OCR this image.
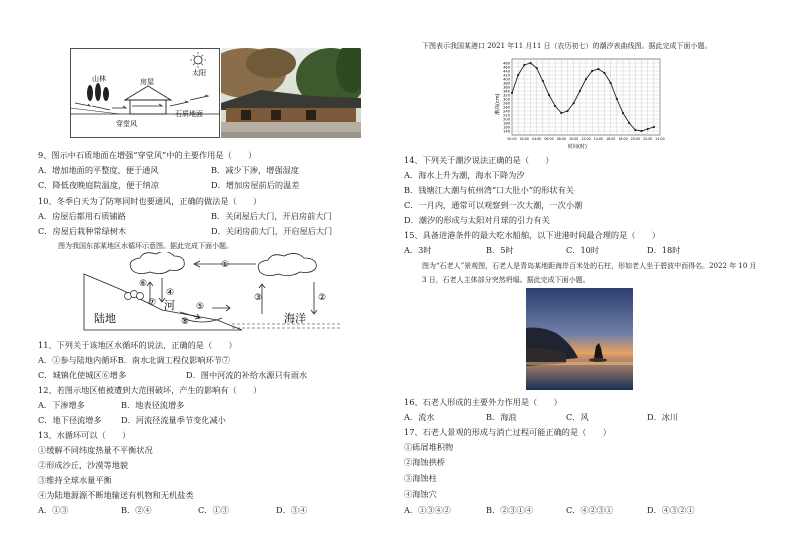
山林	房屋
太阳
石质地面
穿堂风
9、图示中石质地面在增强“穿堂风”中的主要作用是（　　）
A．增加地面的平整度，便于通风	B．减少下渗，增强湿度
C．降低夜晚庭院温度，便于纳凉	D．增加房屋前后的温差
10、冬季白天为了防寒同时也要通风，正确的做法是（　　）
A．房屋后都用石质铺路	B．关闭屋后大门，开启房前大门
C．房屋后栽种常绿树木	D．关闭房前大门，开启屋后大门
图为我国东部某地区水循环示意图。据此完成下面小题。
①
⑥
④
⑦	⑤
⑧
③	②
河
陆地	海洋
11、下列关于该地区水循环的说法，正确的是（　　）
A．①参与陆地内循环B．南水北调工程仅影响环节⑦
C．城镇化使城区⑥增多	D．图中河流的补给水源只有雨水
12、若图示地区植被遭到大范围破坏，产生的影响有（　　）
A．下渗增多	B．地表径流增多
C．地下径流增多 D．河流径流量季节变化减小
13、水循环可以（　　）
①缓解不同纬度热量不平衡状况
②形成沙丘，沙漠等地貌
③维持全球水量平衡
④为陆地源源不断地输送有机物和无机盐类
A．①③	B．②④	C．①③	D．③④
下图表示我国某港口 2021 年11 月11 日（农历初七）的潮汐表曲线图。据此完成下面小题。
140
160
180
200
220
240
260
280
300
320
340
360
380
400
420
440
460
480
00:00 02:00 04:00 06:00 08:00 10:00 12:00 14:00 16:00 18:00 20:00 22:00 24:00
潮高(cm)
时间(时)
14、下列关于潮汐说法正确的是（　　）
A．海水上升为潮，海水下降为汐
B．钱塘江大潮与杭州湾“口大肚小”的形状有关
C．一月内，通常可以观察到一次大潮，一次小潮
D．潮汐的形成与太阳对月球的引力有关
15、具备进港条件的最大吃水船舶，以下进港时间最合理的是（　　）
A．3时	B．5时	C．10时	D．18时
图为“石老人”景观图，石老人是青岛某地距海岸百米处的石柱，形如老人坐于碧波中而得名。2022 年 10 月 3 日，石老人主体部分突然坍塌。据此完成下面小题。
16、石老人形成的主要外力作用是（　　）
A．流水	B．海浪	C．风	D．冰川
17、石老人景观的形成与消亡过程可能正确的是（　　）
①砾屑堆积物
②海蚀拱桥
③海蚀柱
④海蚀穴
A．①③④②	B．②③①④	C．④②③①	D．④③②①
